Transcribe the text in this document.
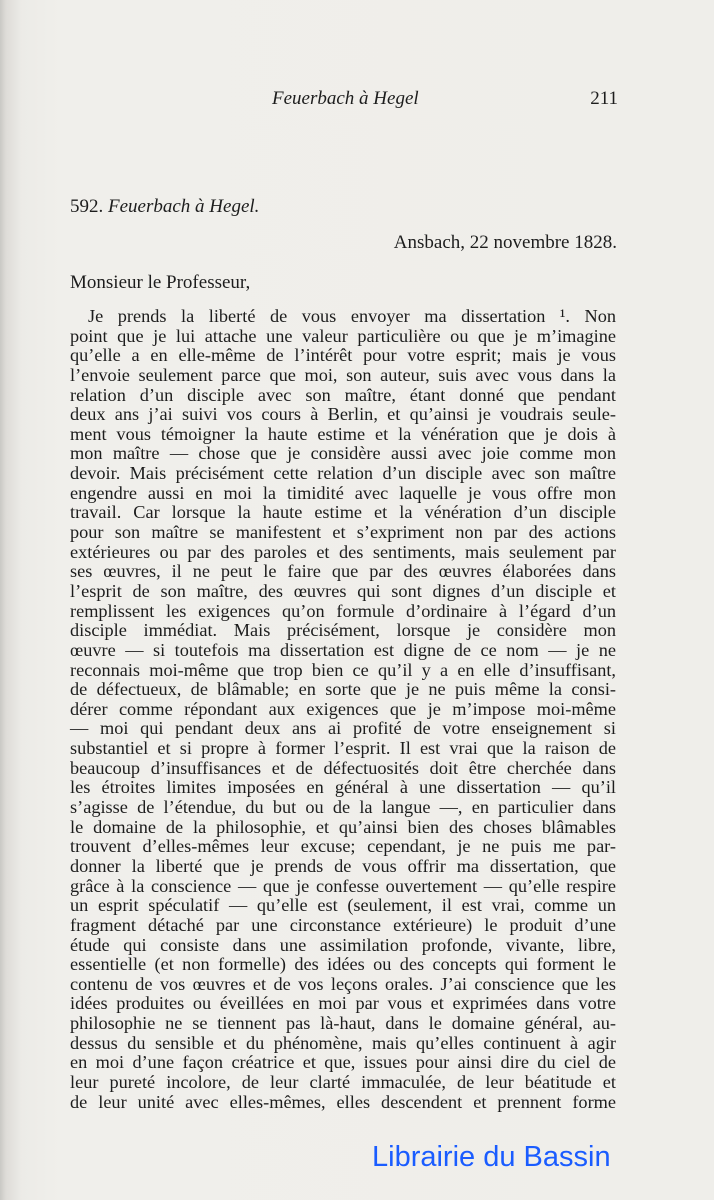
Feuerbach à Hegel	211
592. Feuerbach à Hegel.
Ansbach, 22 novembre 1828.
Monsieur le Professeur,
Je prends la liberté de vous envoyer ma dissertation ¹. Non
point que je lui attache une valeur particulière ou que je m’imagine
qu’elle a en elle-même de l’intérêt pour votre esprit; mais je vous
l’envoie seulement parce que moi, son auteur, suis avec vous dans la
relation d’un disciple avec son maître, étant donné que pendant
deux ans j’ai suivi vos cours à Berlin, et qu’ainsi je voudrais seule-
ment vous témoigner la haute estime et la vénération que je dois à
mon maître — chose que je considère aussi avec joie comme mon
devoir. Mais précisément cette relation d’un disciple avec son maître
engendre aussi en moi la timidité avec laquelle je vous offre mon
travail. Car lorsque la haute estime et la vénération d’un disciple
pour son maître se manifestent et s’expriment non par des actions
extérieures ou par des paroles et des sentiments, mais seulement par
ses œuvres, il ne peut le faire que par des œuvres élaborées dans
l’esprit de son maître, des œuvres qui sont dignes d’un disciple et
remplissent les exigences qu’on formule d’ordinaire à l’égard d’un
disciple immédiat. Mais précisément, lorsque je considère mon
œuvre — si toutefois ma dissertation est digne de ce nom — je ne
reconnais moi-même que trop bien ce qu’il y a en elle d’insuffisant,
de défectueux, de blâmable; en sorte que je ne puis même la consi-
dérer comme répondant aux exigences que je m’impose moi-même
— moi qui pendant deux ans ai profité de votre enseignement si
substantiel et si propre à former l’esprit. Il est vrai que la raison de
beaucoup d’insuffisances et de défectuosités doit être cherchée dans
les étroites limites imposées en général à une dissertation — qu’il
s’agisse de l’étendue, du but ou de la langue —, en particulier dans
le domaine de la philosophie, et qu’ainsi bien des choses blâmables
trouvent d’elles-mêmes leur excuse; cependant, je ne puis me par-
donner la liberté que je prends de vous offrir ma dissertation, que
grâce à la conscience — que je confesse ouvertement — qu’elle respire
un esprit spéculatif — qu’elle est (seulement, il est vrai, comme un
fragment détaché par une circonstance extérieure) le produit d’une
étude qui consiste dans une assimilation profonde, vivante, libre,
essentielle (et non formelle) des idées ou des concepts qui forment le
contenu de vos œuvres et de vos leçons orales. J’ai conscience que les
idées produites ou éveillées en moi par vous et exprimées dans votre
philosophie ne se tiennent pas là-haut, dans le domaine général, au-
dessus du sensible et du phénomène, mais qu’elles continuent à agir
en moi d’une façon créatrice et que, issues pour ainsi dire du ciel de
leur pureté incolore, de leur clarté immaculée, de leur béatitude et
de leur unité avec elles-mêmes, elles descendent et prennent forme
Librairie du Bassin
